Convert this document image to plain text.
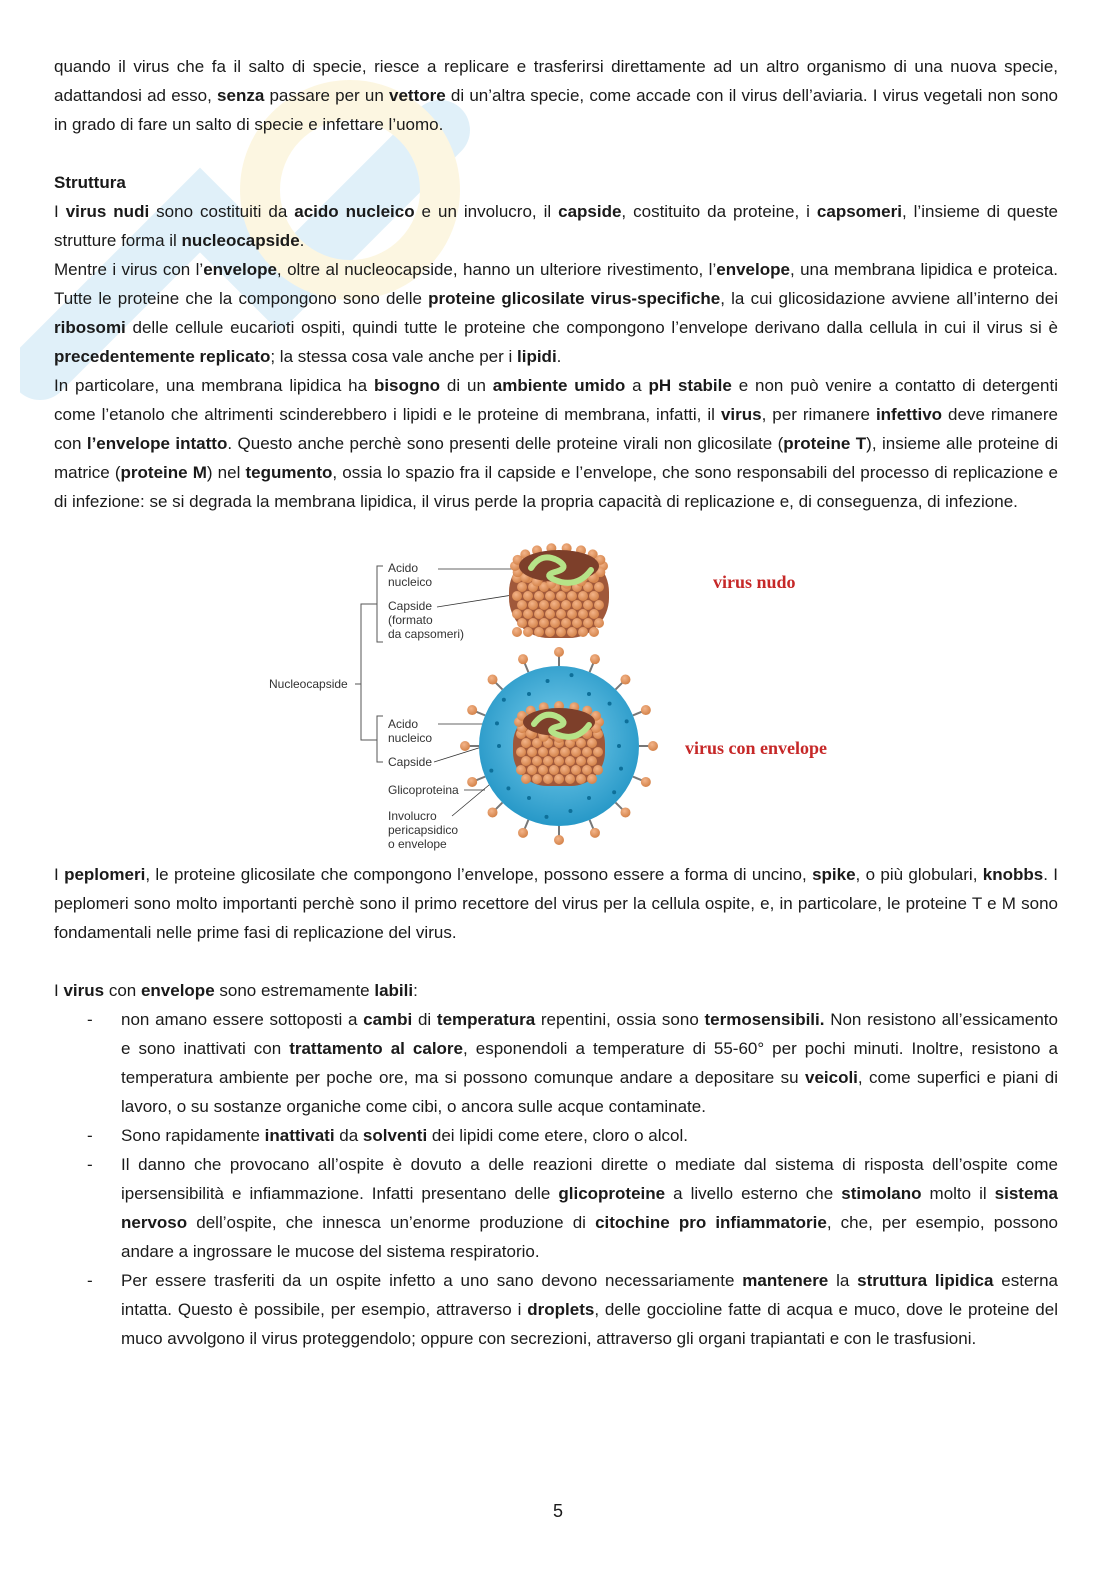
quando il virus che fa il salto di specie, riesce a replicare e trasferirsi direttamente ad un altro organismo di una nuova specie, adattandosi ad esso, senza passare per un vettore di un’altra specie, come accade con il virus dell’aviaria. I virus vegetali non sono in grado di fare un salto di specie e infettare l’uomo.

Struttura

I virus nudi sono costituiti da acido nucleico e un involucro, il capside, costituito da proteine, i capsomeri, l’insieme di queste strutture forma il nucleocapside.

Mentre i virus con l’envelope, oltre al nucleocapside, hanno un ulteriore rivestimento, l’envelope, una membrana lipidica e proteica. Tutte le proteine che la compongono sono delle proteine glicosilate virus-specifiche, la cui glicosidazione avviene all’interno dei ribosomi delle cellule eucarioti ospiti, quindi tutte le proteine che compongono l’envelope derivano dalla cellula in cui il virus si è precedentemente replicato; la stessa cosa vale anche per i lipidi.

In particolare, una membrana lipidica ha bisogno di un ambiente umido a pH stabile e non può venire a contatto di detergenti come l’etanolo che altrimenti scinderebbero i lipidi e le proteine di membrana, infatti, il virus, per rimanere infettivo deve rimanere con l’envelope intatto. Questo anche perchè sono presenti delle proteine virali non glicosilate (proteine T), insieme alle proteine di matrice (proteine M) nel tegumento, ossia lo spazio fra il capside e l’envelope, che sono responsabili del processo di replicazione e di infezione: se si degrada la membrana lipidica, il virus perde la propria capacità di replicazione e, di conseguenza, di infezione.

Nucleocapside
Acido
nucleico
Capside
(formato
da capsomeri)
virus nudo
Acido
nucleico
Capside
Glicoproteina
Involucro
pericapsidico
o envelope
virus con envelope

I peplomeri, le proteine glicosilate che compongono l’envelope, possono essere a forma di uncino, spike, o più globulari, knobbs. I peplomeri sono molto importanti perchè sono il primo recettore del virus per la cellula ospite, e, in particolare, le proteine T e M sono fondamentali nelle prime fasi di replicazione del virus.

I virus con envelope sono estremamente labili:

- non amano essere sottoposti a cambi di temperatura repentini, ossia sono termosensibili. Non resistono all’essicamento e sono inattivati con trattamento al calore, esponendoli a temperature di 55-60° per pochi minuti. Inoltre, resistono a temperatura ambiente per poche ore, ma si possono comunque andare a depositare su veicoli, come superfici e piani di lavoro, o su sostanze organiche come cibi, o ancora sulle acque contaminate.
- Sono rapidamente inattivati da solventi dei lipidi come etere, cloro o alcol.
- Il danno che provocano all’ospite è dovuto a delle reazioni dirette o mediate dal sistema di risposta dell’ospite come ipersensibilità e infiammazione. Infatti presentano delle glicoproteine a livello esterno che stimolano molto il sistema nervoso dell’ospite, che innesca un’enorme produzione di citochine pro infiammatorie, che, per esempio, possono andare a ingrossare le mucose del sistema respiratorio.
- Per essere trasferiti da un ospite infetto a uno sano devono necessariamente mantenere la struttura lipidica esterna intatta. Questo è possibile, per esempio, attraverso i droplets, delle goccioline fatte di acqua e muco, dove le proteine del muco avvolgono il virus proteggendolo; oppure con secrezioni, attraverso gli organi trapiantati e con le trasfusioni.
5
